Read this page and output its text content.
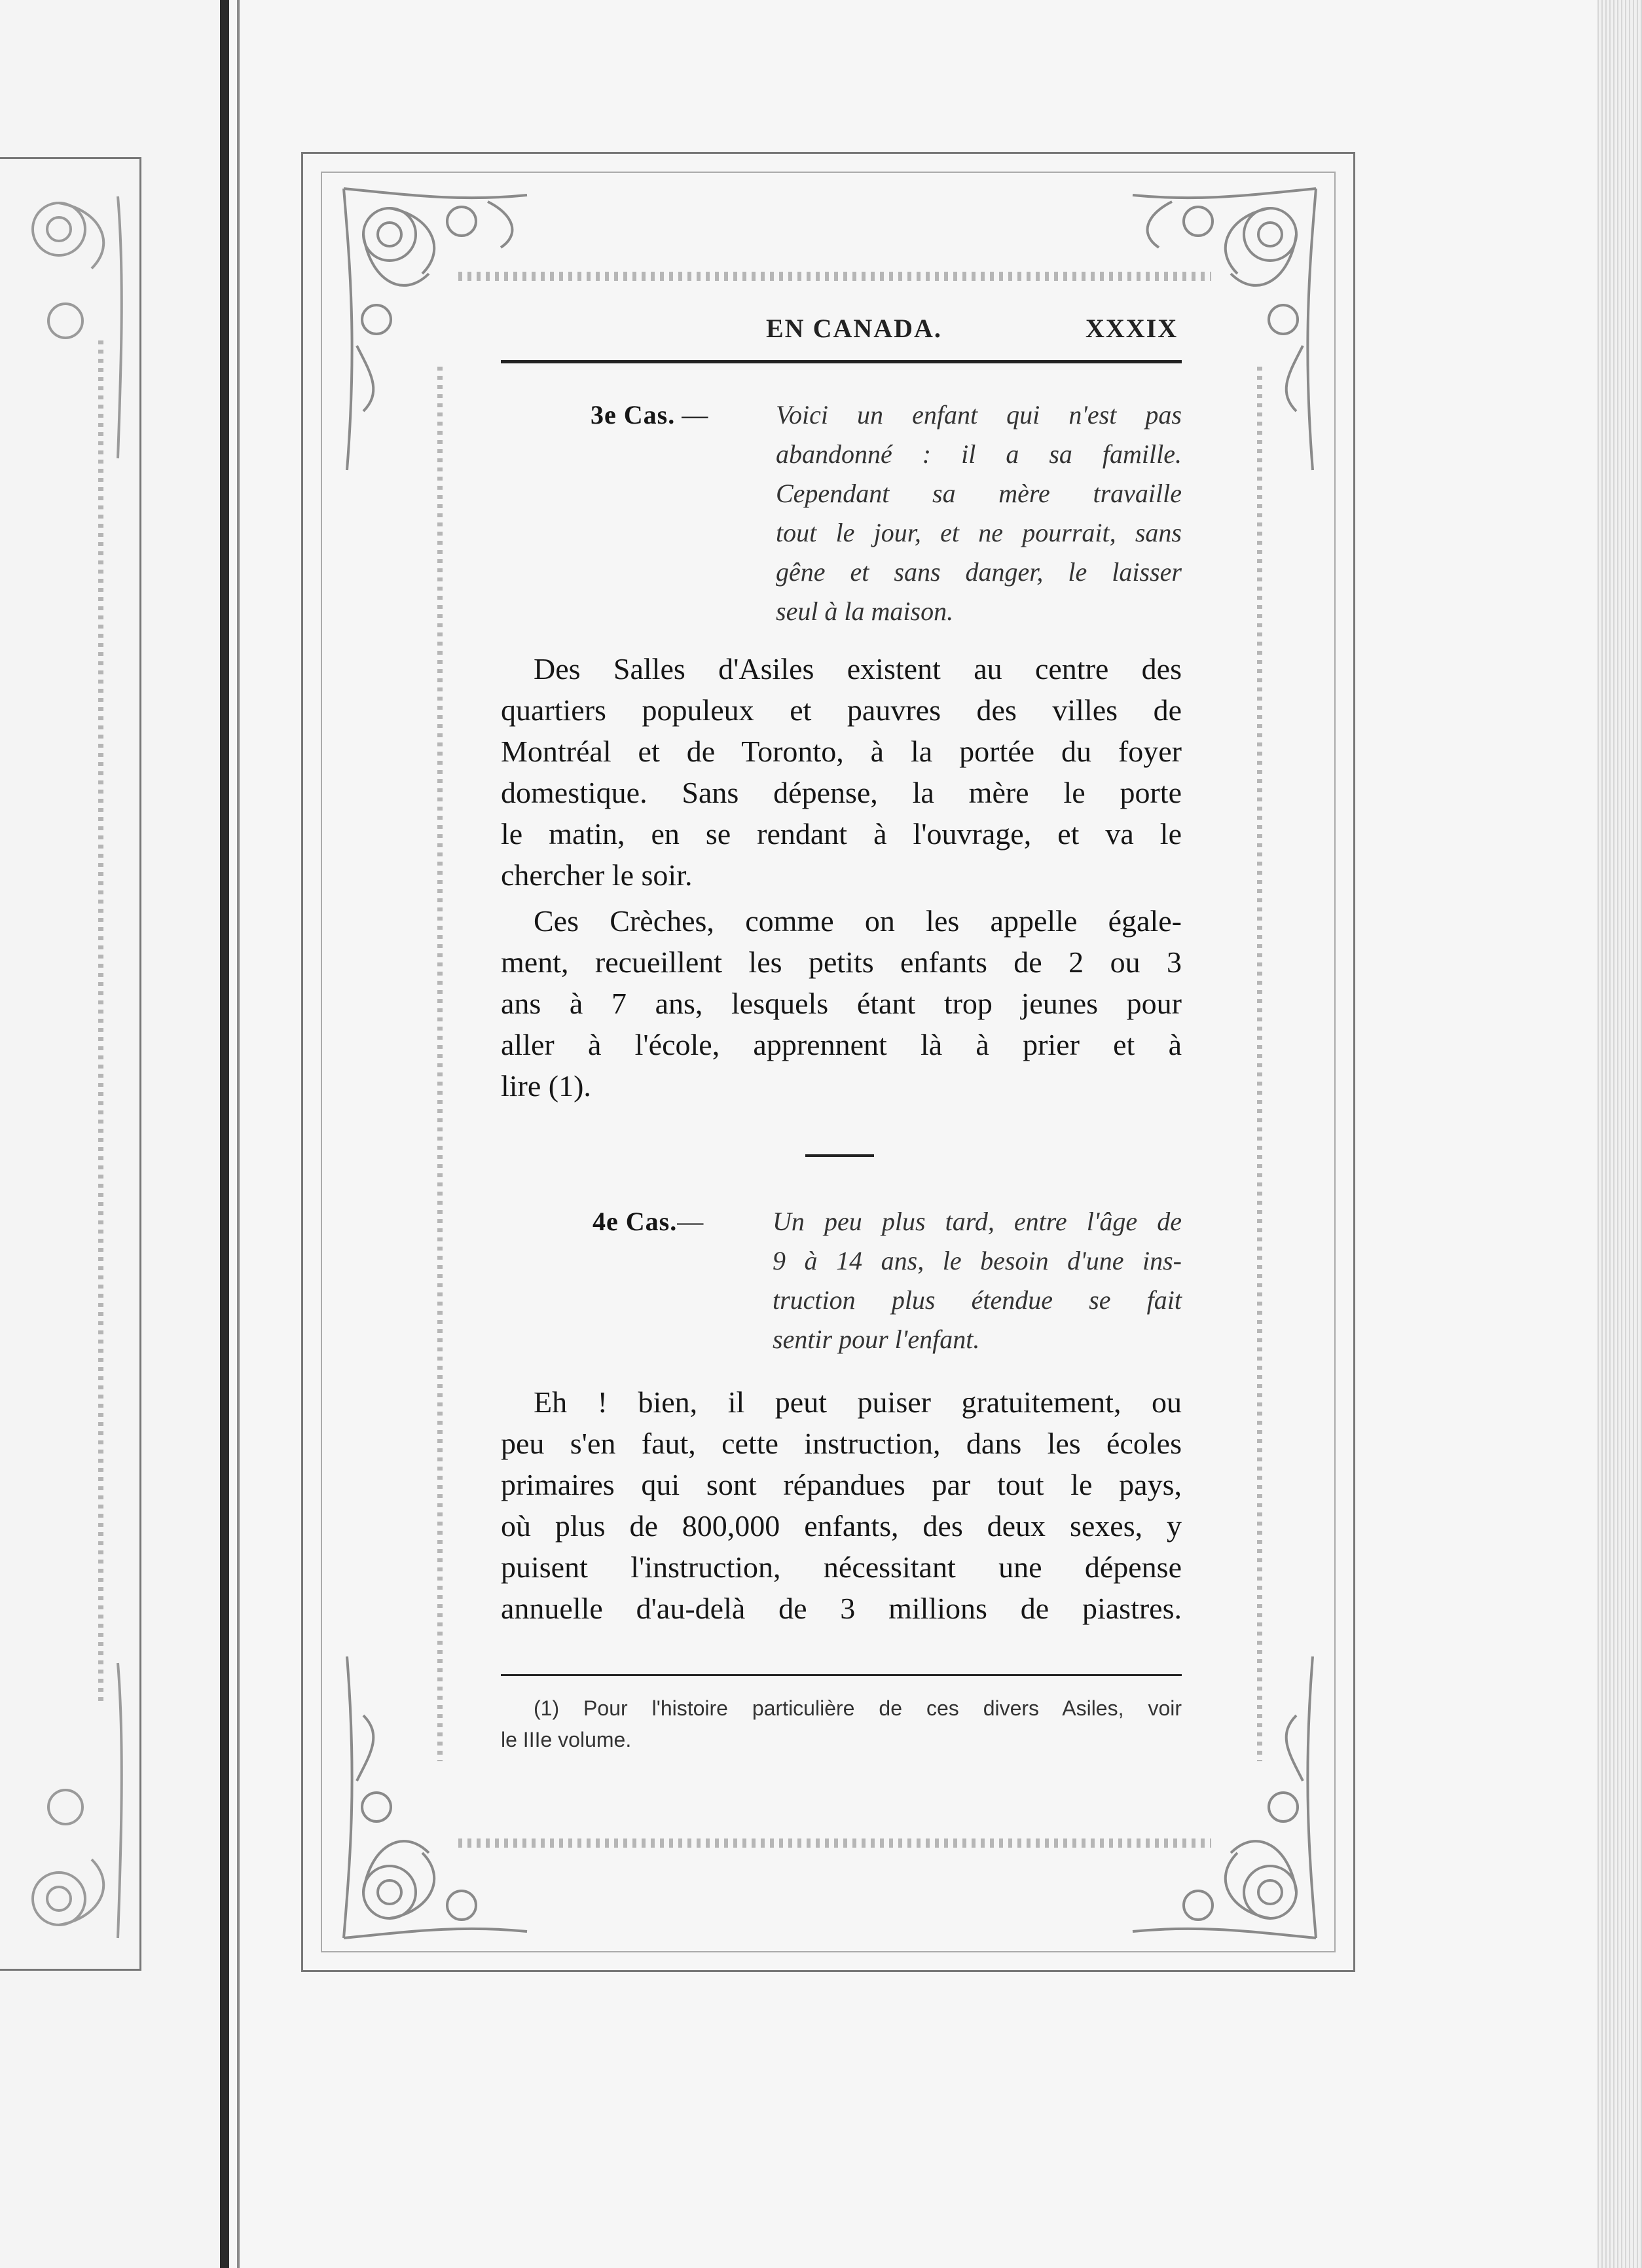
EN CANADA.	XXXIX
3e Cas. —	Voici un enfant qui n'est pas
abandonné : il a sa famille.
Cependant sa mère travaille
tout le jour, et ne pourrait, sans
gêne et sans danger, le laisser
seul à la maison.
Des Salles d'Asiles existent au centre des
quartiers populeux et pauvres des villes de
Montréal et de Toronto, à la portée du foyer
domestique. Sans dépense, la mère le porte
le matin, en se rendant à l'ouvrage, et va le
chercher le soir.
Ces Crèches, comme on les appelle égale-
ment, recueillent les petits enfants de 2 ou 3
ans à 7 ans, lesquels étant trop jeunes pour
aller à l'école, apprennent là à prier et à
lire (1).
4e Cas.—	Un peu plus tard, entre l'âge de
9 à 14 ans, le besoin d'une ins-
truction plus étendue se fait
sentir pour l'enfant.
Eh ! bien, il peut puiser gratuitement, ou
peu s'en faut, cette instruction, dans les écoles
primaires qui sont répandues par tout le pays,
où plus de 800,000 enfants, des deux sexes, y
puisent l'instruction, nécessitant une dépense
annuelle d'au-delà de 3 millions de piastres.
(1) Pour l'histoire particulière de ces divers Asiles, voir
le IIIe volume.
